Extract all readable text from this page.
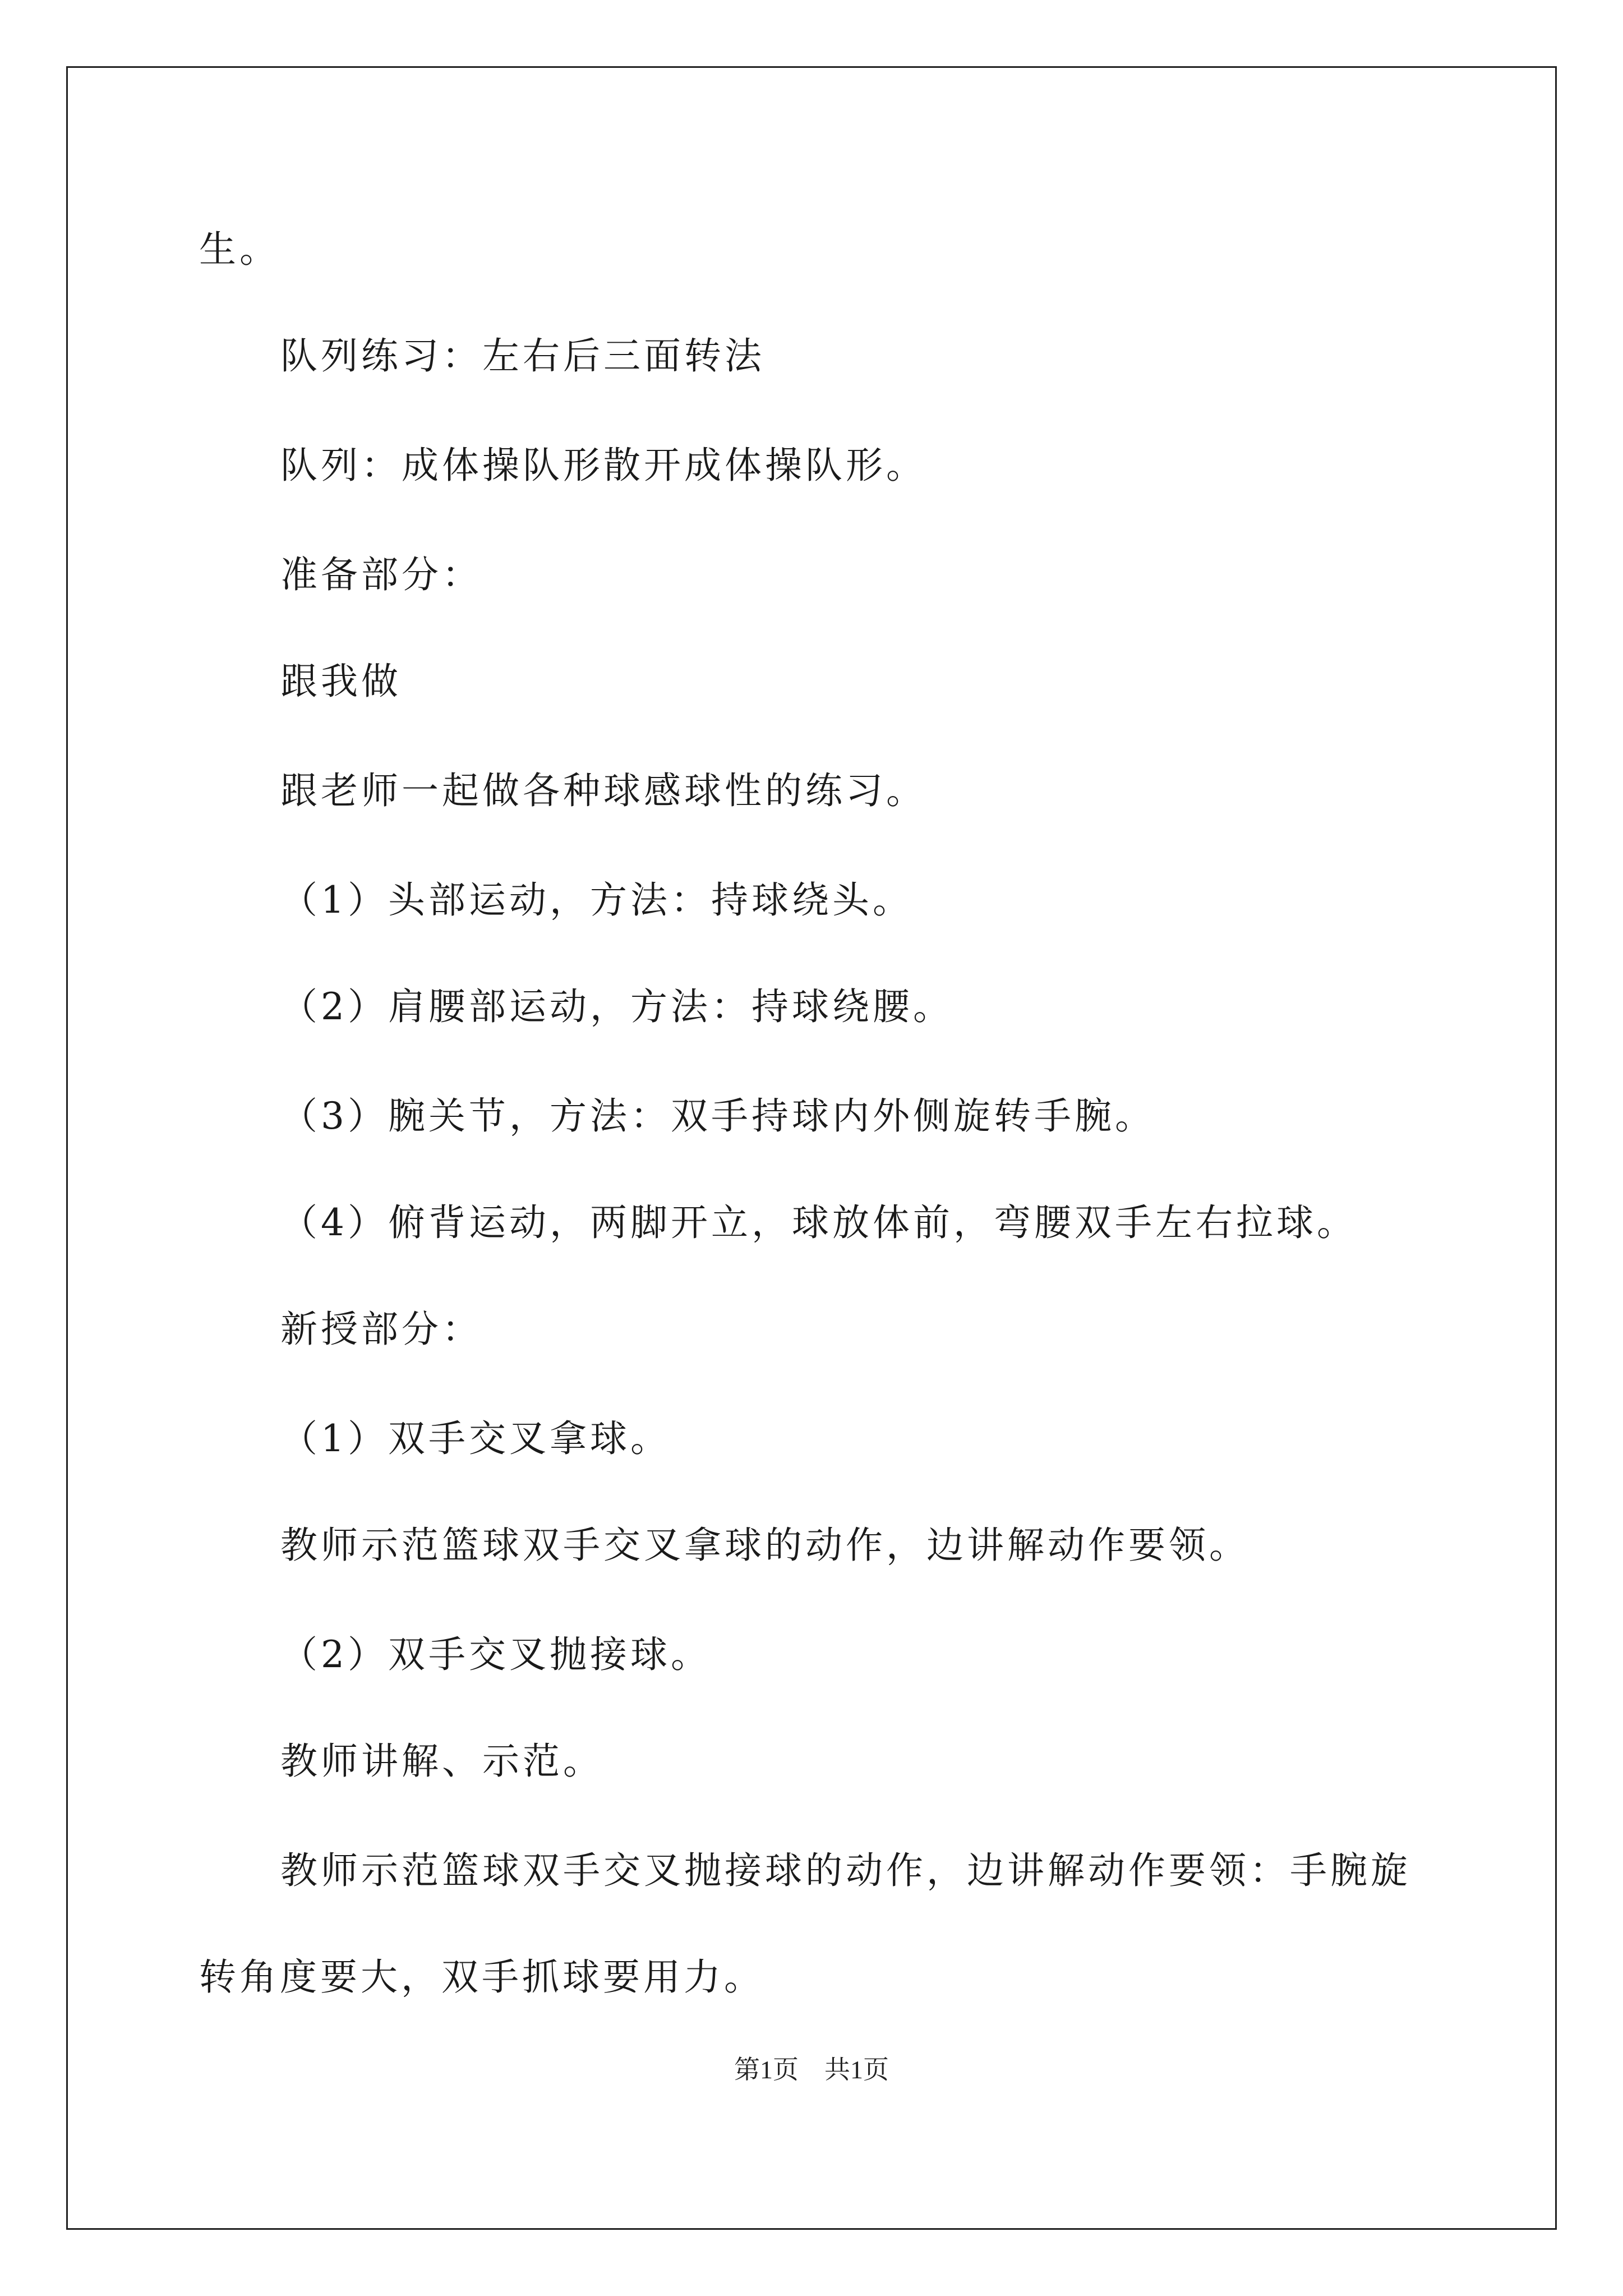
生。

队列练习：左右后三面转法

队列：成体操队形散开成体操队形。

准备部分：

跟我做

跟老师一起做各种球感球性的练习。

（1）头部运动，方法：持球绕头。

（2）肩腰部运动，方法：持球绕腰。

（3）腕关节，方法：双手持球内外侧旋转手腕。

（4）俯背运动，两脚开立，球放体前，弯腰双手左右拉球。

新授部分：

（1）双手交叉拿球。

教师示范篮球双手交叉拿球的动作，边讲解动作要领。

（2）双手交叉抛接球。

教师讲解、示范。

教师示范篮球双手交叉抛接球的动作，边讲解动作要领：手腕旋

转角度要大，双手抓球要用力。

第1页　共1页
